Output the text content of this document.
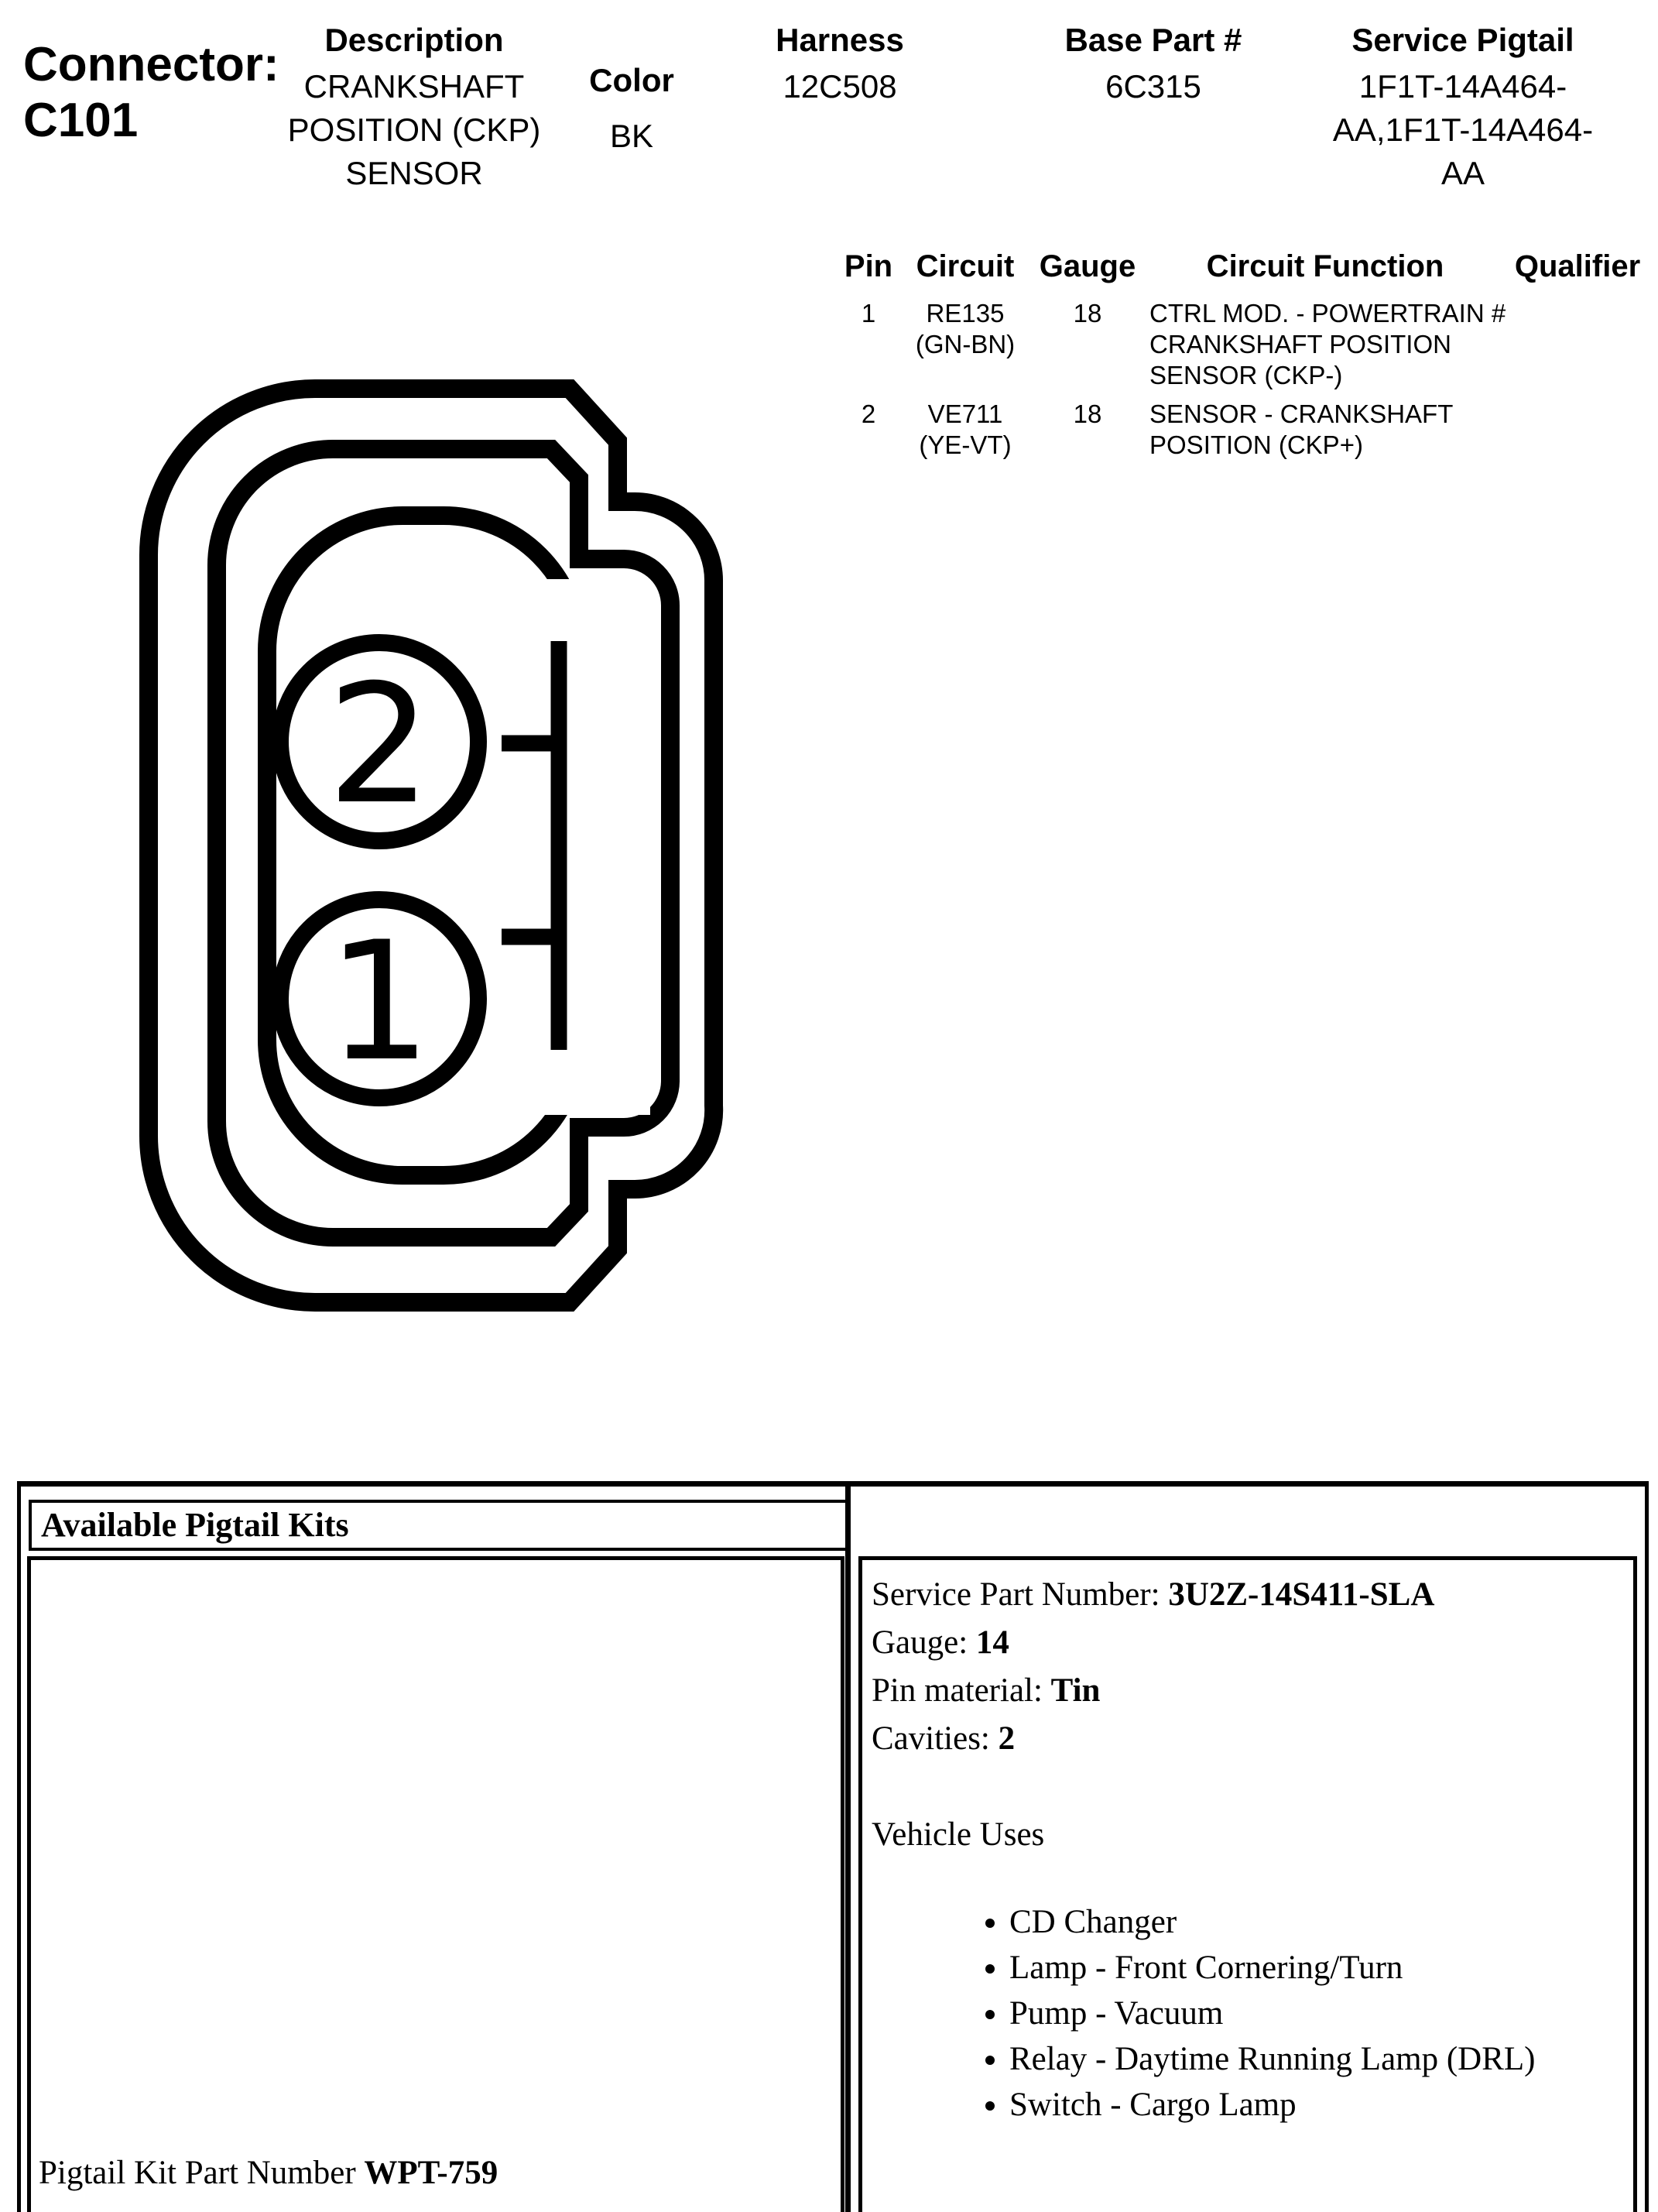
Connector:
C101
Description
CRANKSHAFT
POSITION (CKP)
SENSOR
Color
BK
Harness
12C508
Base Part #
6C315
Service Pigtail
1F1T-14A464-
AA,1F1T-14A464-
AA
Pin Circuit Gauge Circuit Function Qualifier
1	RE135
(GN-BN)
18 CTRL MOD. - POWERTRAIN #
CRANKSHAFT POSITION
SENSOR (CKP-)
2	VE711
(YE-VT)
18 SENSOR - CRANKSHAFT
POSITION (CKP+)
2
1
Available Pigtail Kits
Pigtail Kit Part Number WPT-759
Service Part Number: 3U2Z-14S411-SLA
Gauge: 14
Pin material: Tin
Cavities: 2
Vehicle Uses
• CD Changer
• Lamp - Front Cornering/Turn
• Pump - Vacuum
• Relay - Daytime Running Lamp (DRL)
• Switch - Cargo Lamp
